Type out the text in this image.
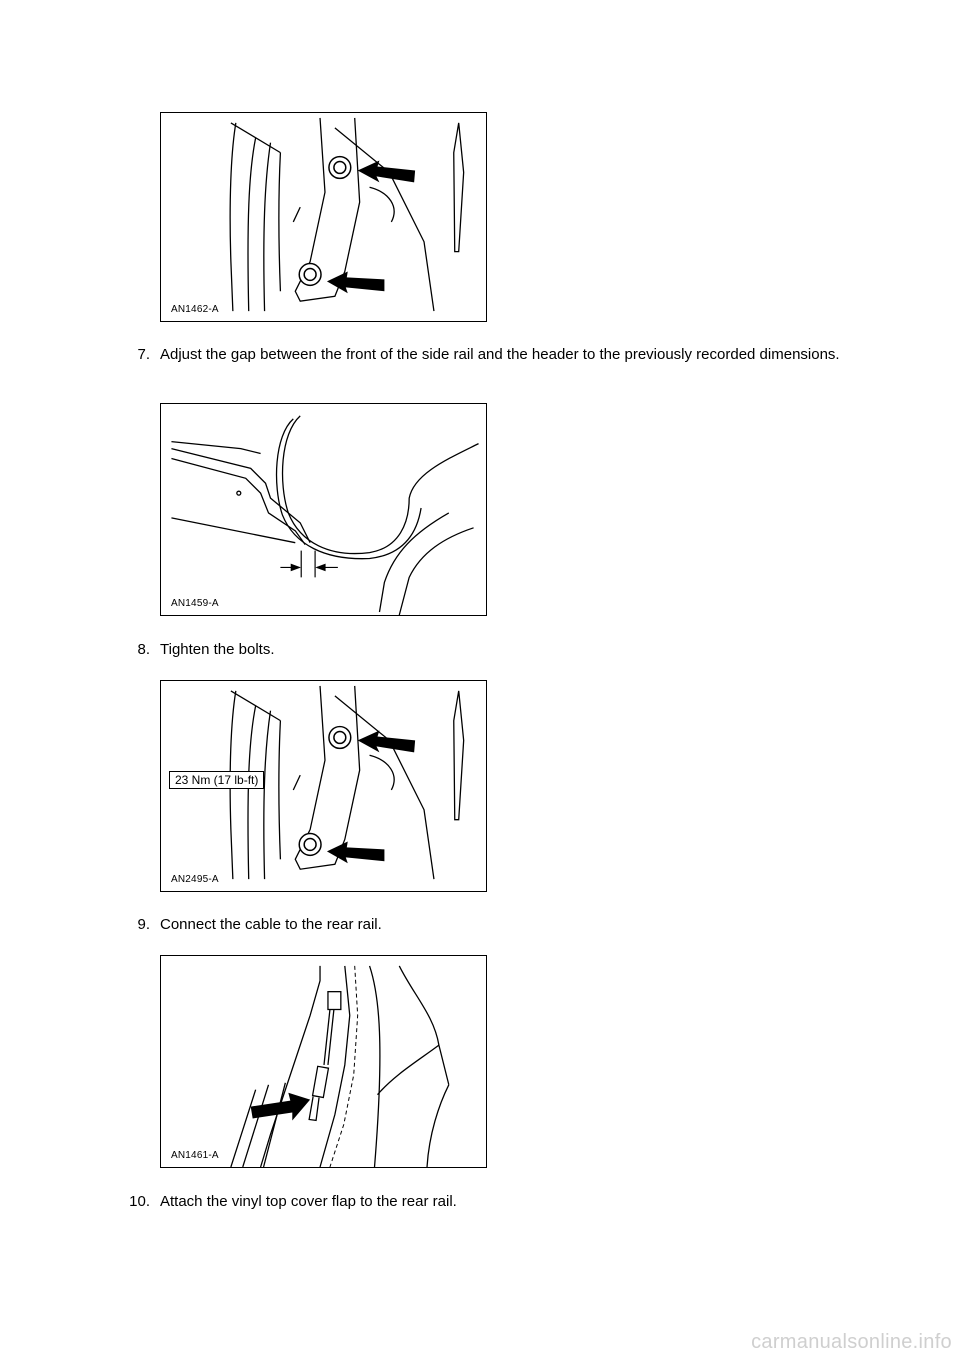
AN1462-A
7. Adjust the gap between the front of the side rail and the header to the previously recorded dimensions.
AN1459-A
8. Tighten the bolts.
23 Nm (17 lb-ft)
AN2495-A
9. Connect the cable to the rear rail.
AN1461-A
10. Attach the vinyl top cover flap to the rear rail.
carmanualsonline.info
